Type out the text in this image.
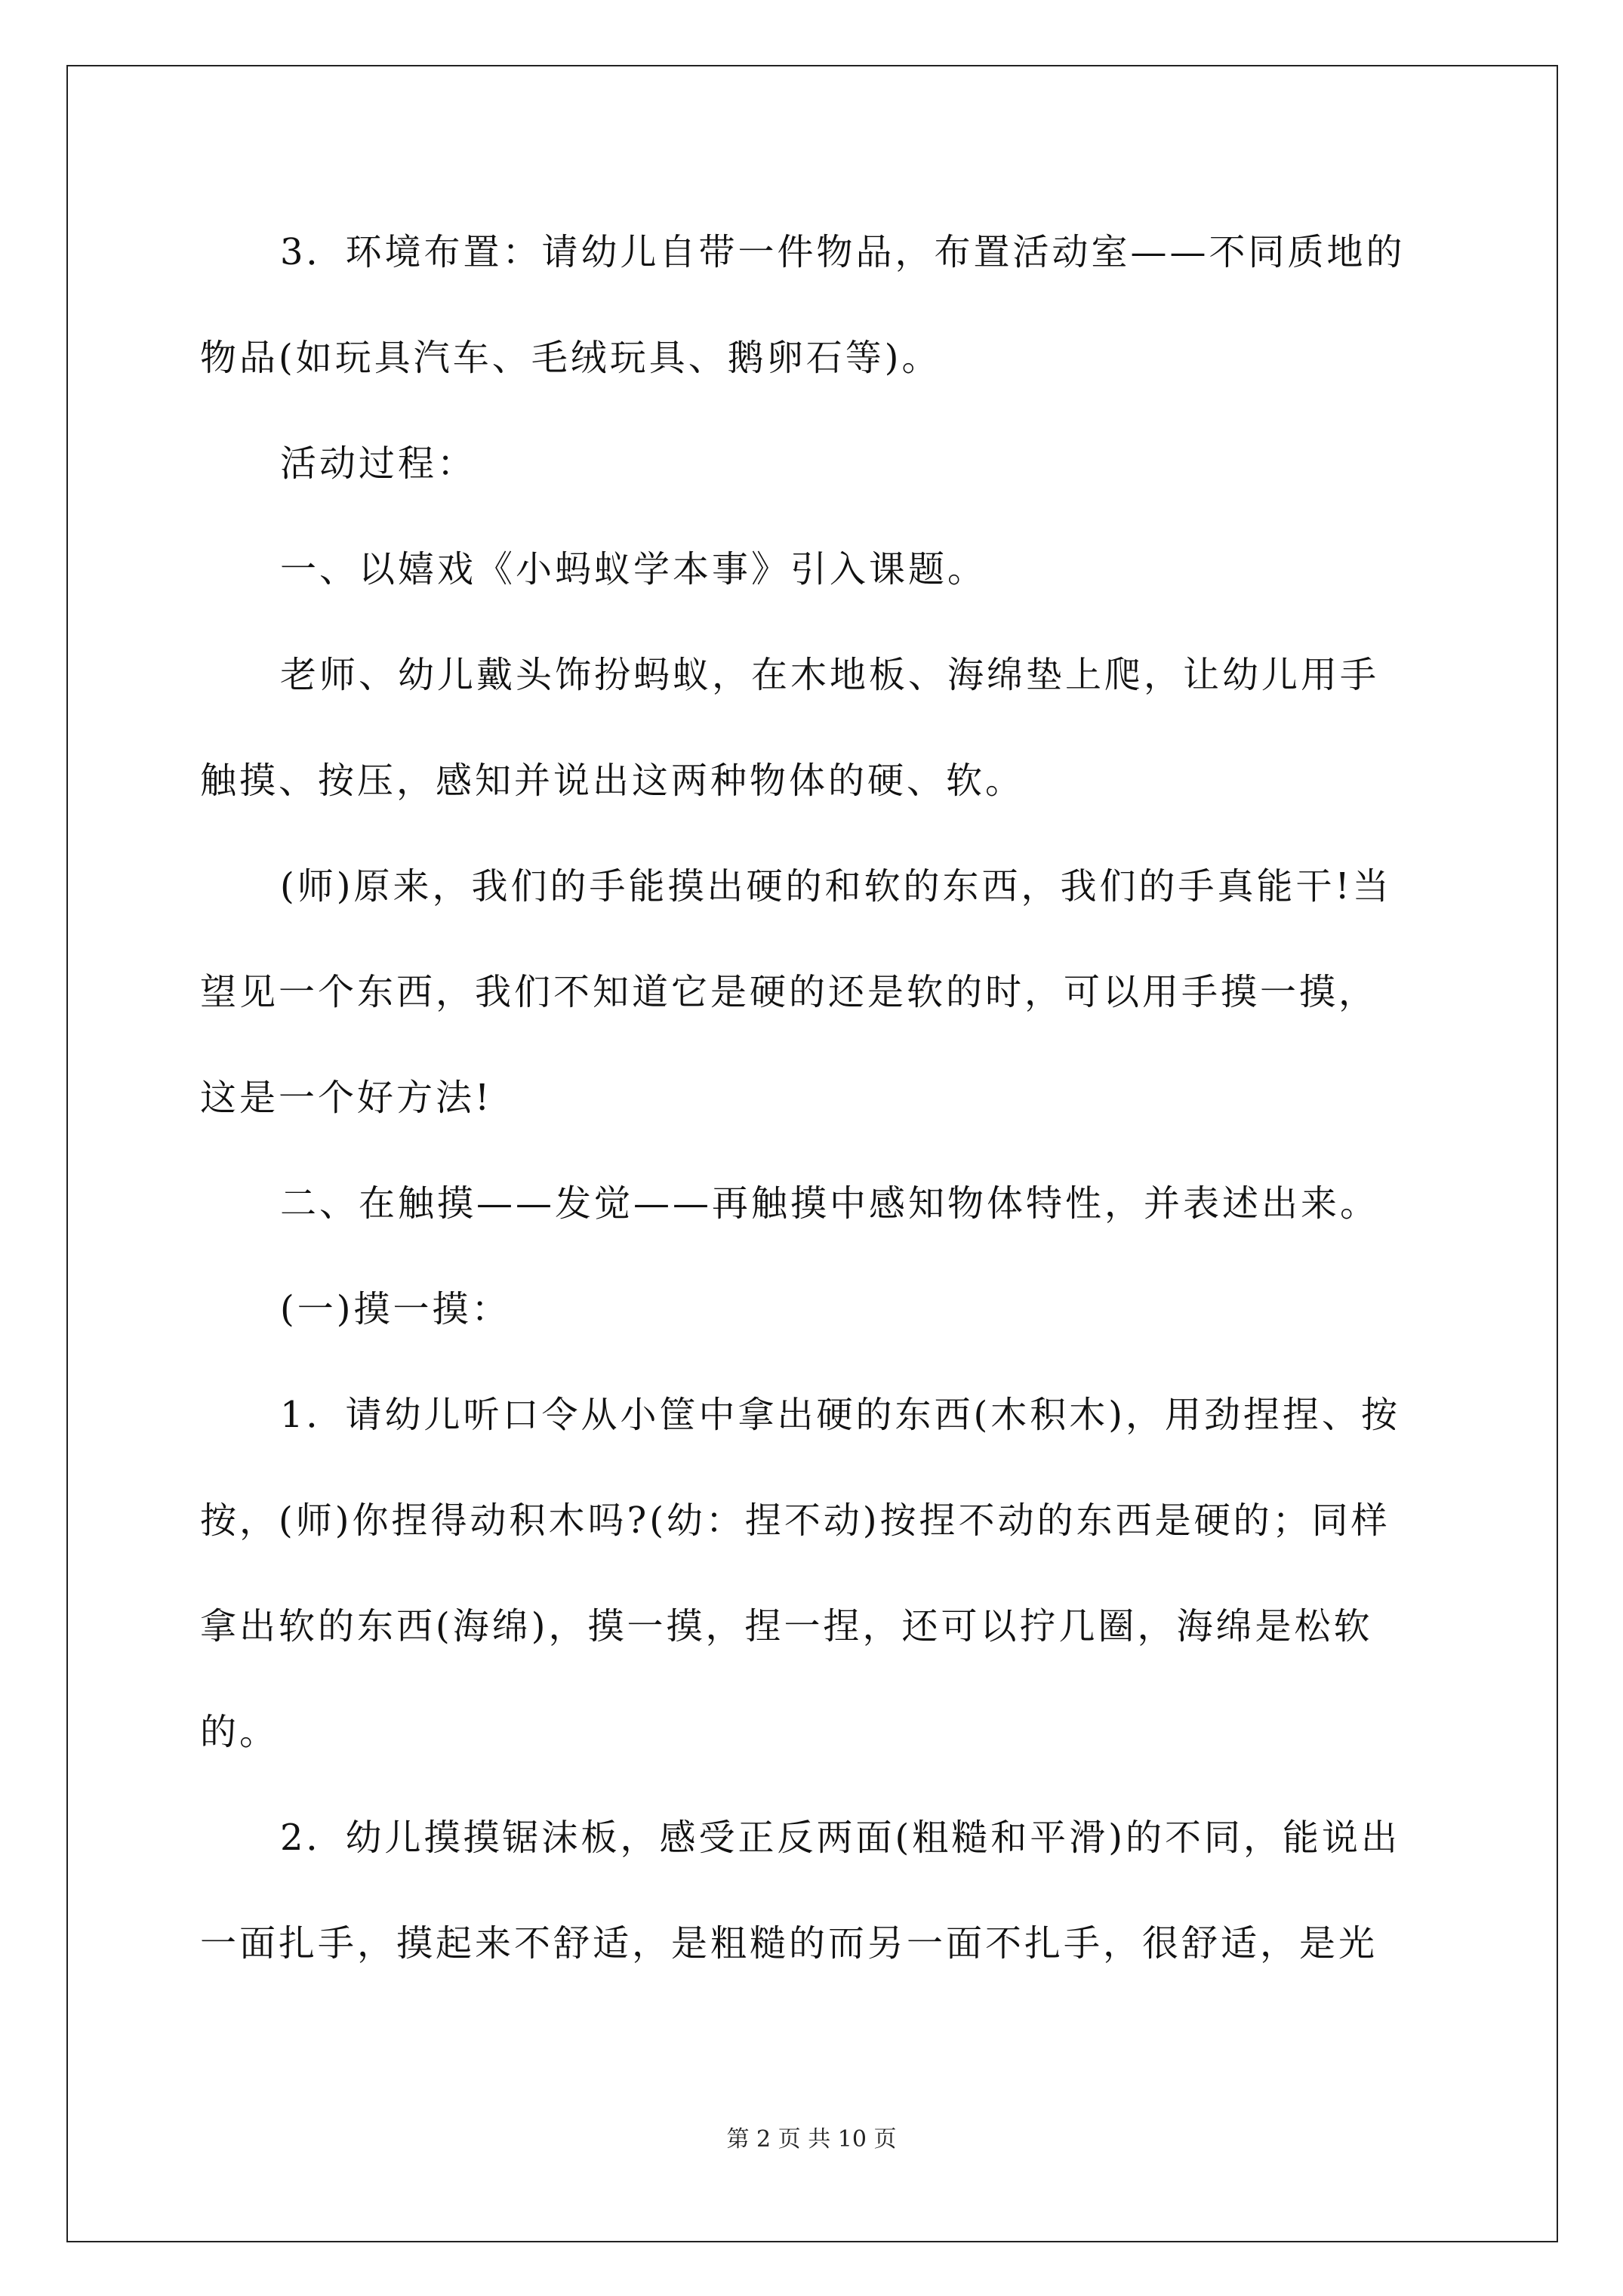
3．环境布置：请幼儿自带一件物品，布置活动室——不同质地的
物品(如玩具汽车、毛绒玩具、鹅卵石等)。
活动过程：
一、以嬉戏《小蚂蚁学本事》引入课题。
老师、幼儿戴头饰扮蚂蚁，在木地板、海绵垫上爬，让幼儿用手
触摸、按压，感知并说出这两种物体的硬、软。
(师)原来，我们的手能摸出硬的和软的东西，我们的手真能干!当
望见一个东西，我们不知道它是硬的还是软的时，可以用手摸一摸，
这是一个好方法!
二、在触摸——发觉——再触摸中感知物体特性，并表述出来。
(一)摸一摸：
1．请幼儿听口令从小筐中拿出硬的东西(木积木)，用劲捏捏、按
按，(师)你捏得动积木吗?(幼：捏不动)按捏不动的东西是硬的；同样
拿出软的东西(海绵)，摸一摸，捏一捏，还可以拧几圈，海绵是松软
的。
2．幼儿摸摸锯沫板，感受正反两面(粗糙和平滑)的不同，能说出
一面扎手，摸起来不舒适，是粗糙的而另一面不扎手，很舒适，是光
第 2 页 共 10 页
